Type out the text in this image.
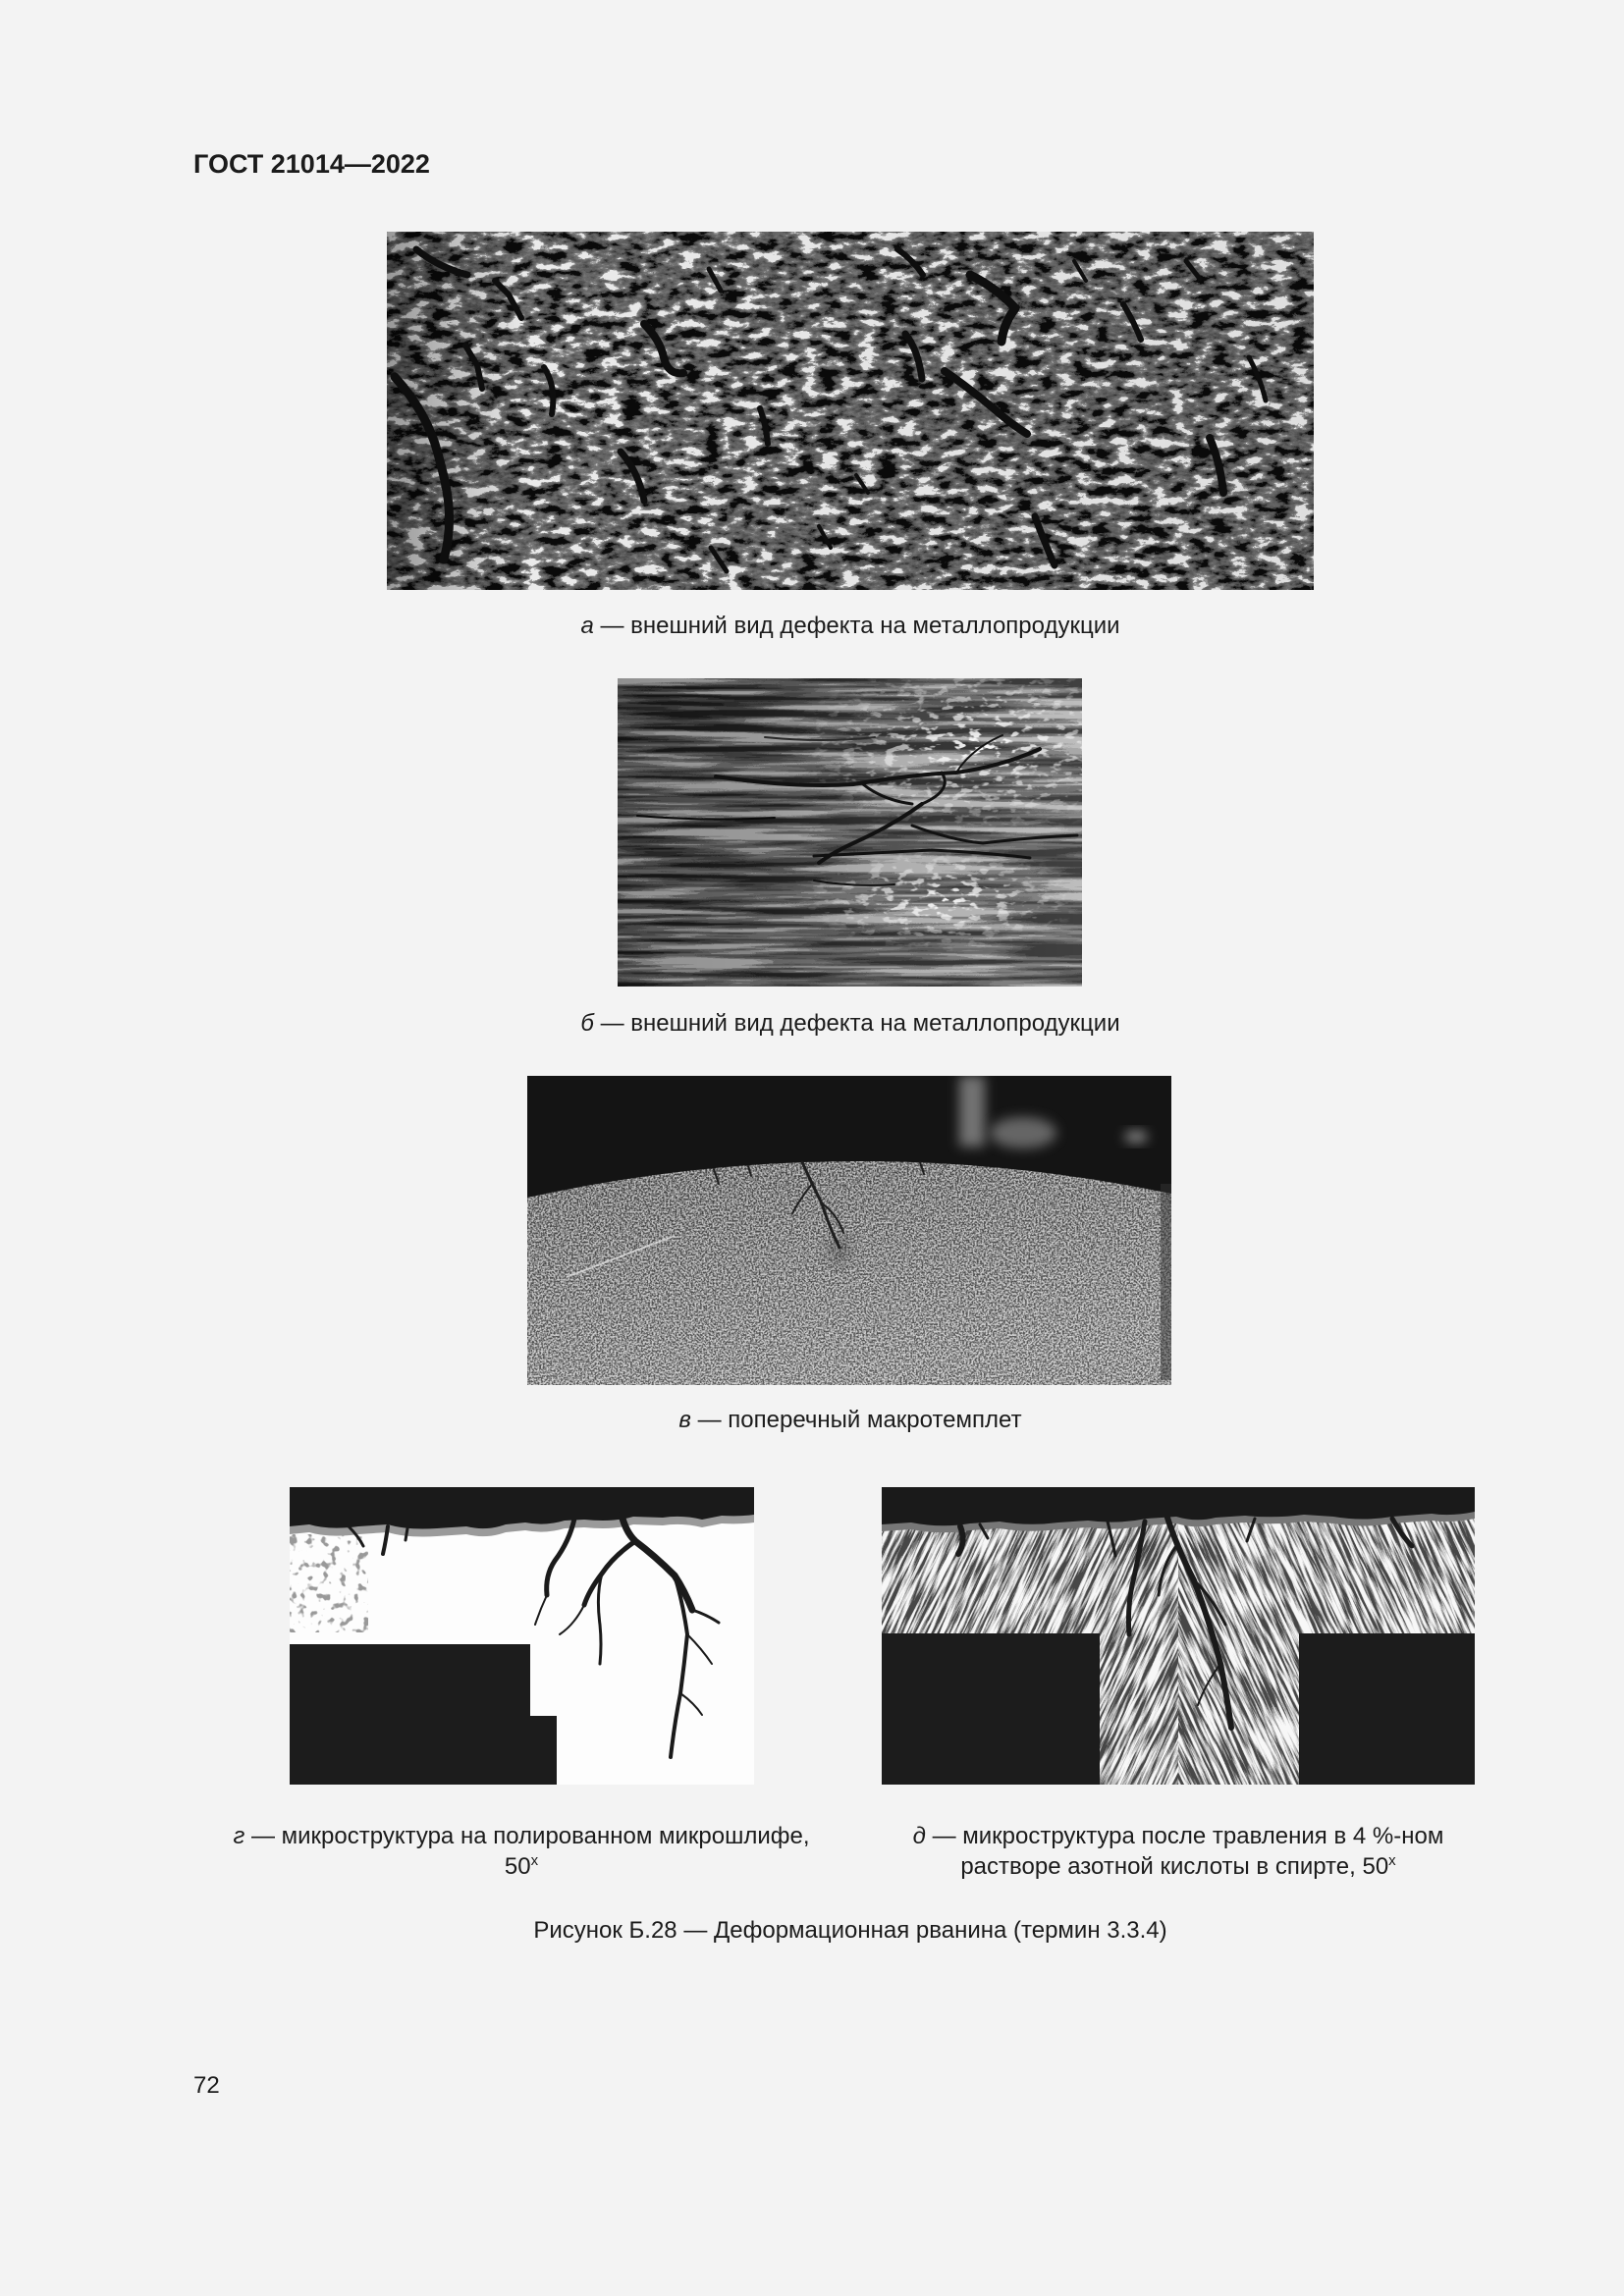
ГОСТ 21014—2022
а — внешний вид дефекта на металлопродукции
б — внешний вид дефекта на металлопродукции
в — поперечный макротемплет
г — микроструктура на полированном микрошлифе,
50$^x$
д — микроструктура после травления в 4 %-ном
растворе азотной кислоты в спирте, 50$^x$
Рисунок Б.28 — Деформационная рванина (термин 3.3.4)
72
